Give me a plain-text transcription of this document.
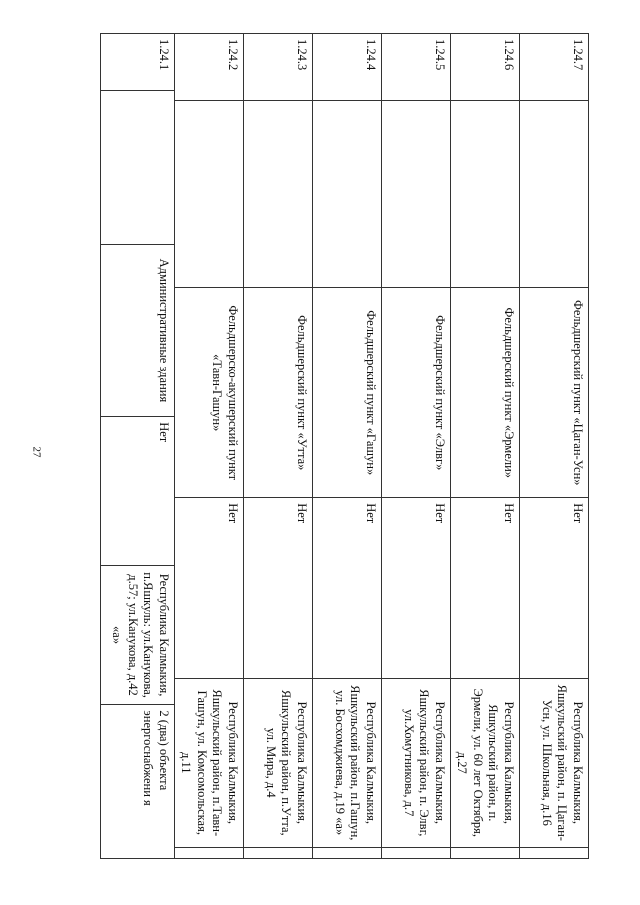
27
1.24.1
Административные здания
Нет
Республика Калмыкия, п.Яшкуль: ул.Канукова, д.57; ул.Канукова, д.42 «а»
2 (два) объекта энергоснабжени я
1.24.2
Фельдшерско-акушерский пункт «Тавн-Гашун»
Нет
Республика Калмыкия, Яшкульский район, п.Тавн-Гашун, ул. Комсомольская, д.11
1.24.3
Фельдшерский пункт «Утта»
Нет
Республика Калмыкия, Яшкульский район, п.Утта, ул. Мира, д.4
1.24.4
Фельдшерский пункт «Гашун»
Нет
Республика Калмыкия, Яшкульский район, п.Гашун, ул. Босхомджиева, д.19 «а»
1.24.5
Фельдшерский пункт «Элвг»
Нет
Республика Калмыкия, Яшкульский район, п. Элвг, ул.Хомутникова, д.7
1.24.6
Фельдшерский пункт «Эрмели»
Нет
Республика Калмыкия, Яшкульский район, п. Эрмели, ул. 60 лет Октября, д.27
1.24.7
Фельдшерский пункт «Цаган-Усн»
Нет
Республика Калмыкия, Яшкульский район, п. Цаган-Усн, ул. Школьная, д.16
